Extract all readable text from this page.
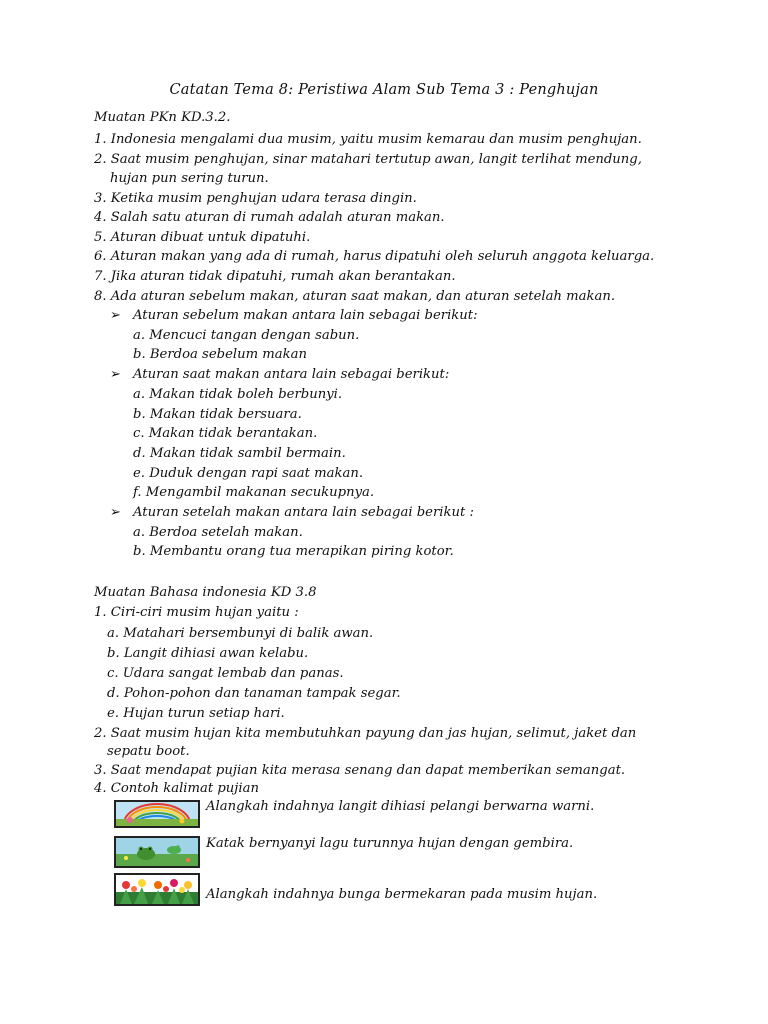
Catatan Tema 8: Peristiwa Alam Sub Tema 3 : Penghujan
Muatan PKn KD.3.2.
1. Indonesia mengalami dua musim, yaitu musim kemarau dan musim penghujan.
2. Saat musim penghujan, sinar matahari tertutup awan, langit terlihat mendung,
hujan pun sering turun.
3. Ketika musim penghujan udara terasa dingin.
4. Salah satu aturan di rumah adalah aturan makan.
5. Aturan dibuat untuk dipatuhi.
6. Aturan makan yang ada di rumah, harus dipatuhi oleh seluruh anggota keluarga.
7. Jika aturan tidak dipatuhi, rumah akan berantakan.
8. Ada aturan sebelum makan, aturan saat makan, dan aturan setelah makan.
➢ Aturan sebelum makan antara lain sebagai berikut:
a. Mencuci tangan dengan sabun.
b. Berdoa sebelum makan
➢ Aturan saat makan antara lain sebagai berikut:
a. Makan tidak boleh berbunyi.
b. Makan tidak bersuara.
c. Makan tidak berantakan.
d. Makan tidak sambil bermain.
e. Duduk dengan rapi saat makan.
f. Mengambil makanan secukupnya.
➢ Aturan setelah makan antara lain sebagai berikut :
a. Berdoa setelah makan.
b. Membantu orang tua merapikan piring kotor.
Muatan Bahasa indonesia KD 3.8
1. Ciri-ciri musim hujan yaitu :
a. Matahari bersembunyi di balik awan.
b. Langit dihiasi awan kelabu.
c. Udara sangat lembab dan panas.
d. Pohon-pohon dan tanaman tampak segar.
e. Hujan turun setiap hari.
2. Saat musim hujan kita membutuhkan payung dan jas hujan, selimut, jaket dan
sepatu boot.
3. Saat mendapat pujian kita merasa senang dan dapat memberikan semangat.
4. Contoh kalimat pujian
Alangkah indahnya langit dihiasi pelangi berwarna warni.
Katak bernyanyi lagu turunnya hujan dengan gembira.
Alangkah indahnya bunga bermekaran pada musim hujan.
